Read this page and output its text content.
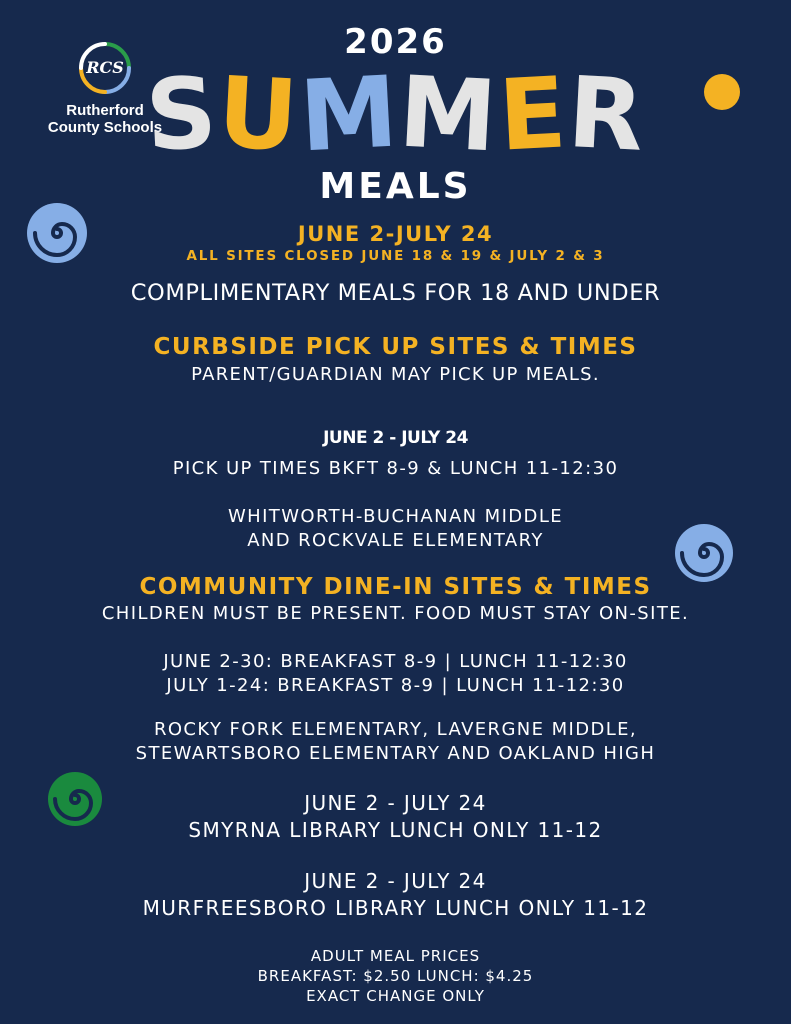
RCS
Rutherford
County Schools
2026
SUMMER
MEALS
JUNE 2-JULY 24
ALL SITES CLOSED JUNE 18 & 19 & JULY 2 & 3
COMPLIMENTARY MEALS FOR 18 AND UNDER
CURBSIDE PICK UP SITES & TIMES
PARENT/GUARDIAN MAY PICK UP MEALS.
JUNE 2 - JULY 24
PICK UP TIMES BKFT 8-9 & LUNCH 11-12:30
WHITWORTH-BUCHANAN MIDDLE
AND ROCKVALE ELEMENTARY
COMMUNITY DINE-IN SITES & TIMES
CHILDREN MUST BE PRESENT. FOOD MUST STAY ON-SITE.
JUNE 2-30: BREAKFAST 8-9 | LUNCH 11-12:30
JULY 1-24: BREAKFAST 8-9 | LUNCH 11-12:30
ROCKY FORK ELEMENTARY, LAVERGNE MIDDLE,
STEWARTSBORO ELEMENTARY AND OAKLAND HIGH
JUNE 2 - JULY 24
SMYRNA LIBRARY LUNCH ONLY 11-12
JUNE 2 - JULY 24
MURFREESBORO LIBRARY LUNCH ONLY 11-12
ADULT MEAL PRICES
BREAKFAST: $2.50 LUNCH: $4.25
EXACT CHANGE ONLY
